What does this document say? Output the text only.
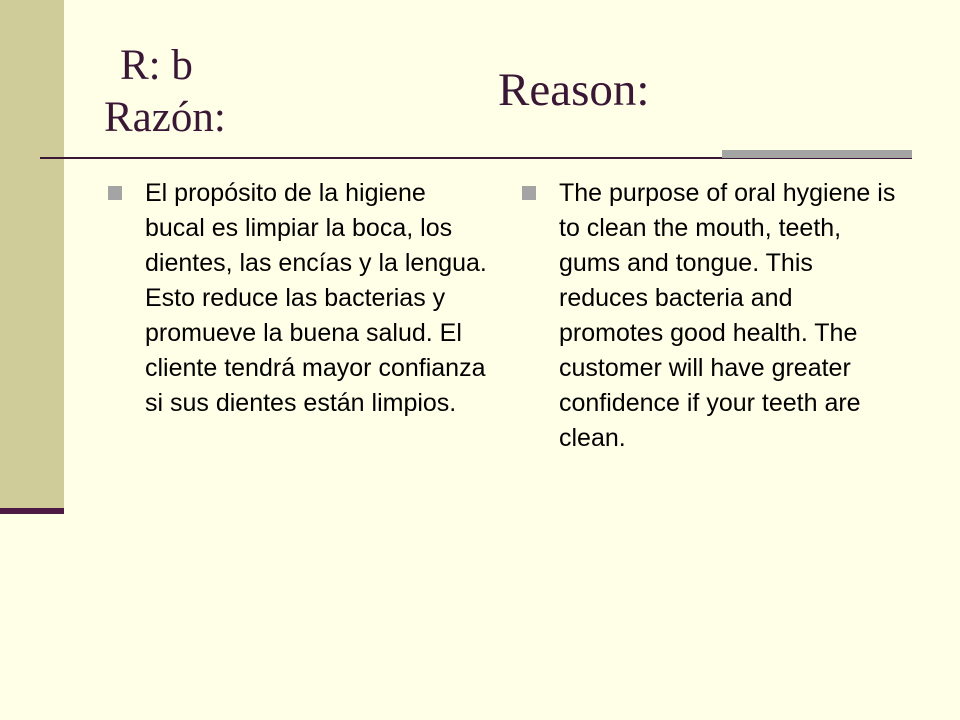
R: b
Razón:
Reason:
El propósito de la higiene bucal es limpiar la boca, los dientes, las encías y la lengua. Esto reduce las bacterias y promueve la buena salud. El cliente tendrá mayor confianza si sus dientes están limpios.
The purpose of oral hygiene is to clean the mouth, teeth, gums and tongue. This reduces bacteria and promotes good health. The customer will have greater confidence if your teeth are clean.
